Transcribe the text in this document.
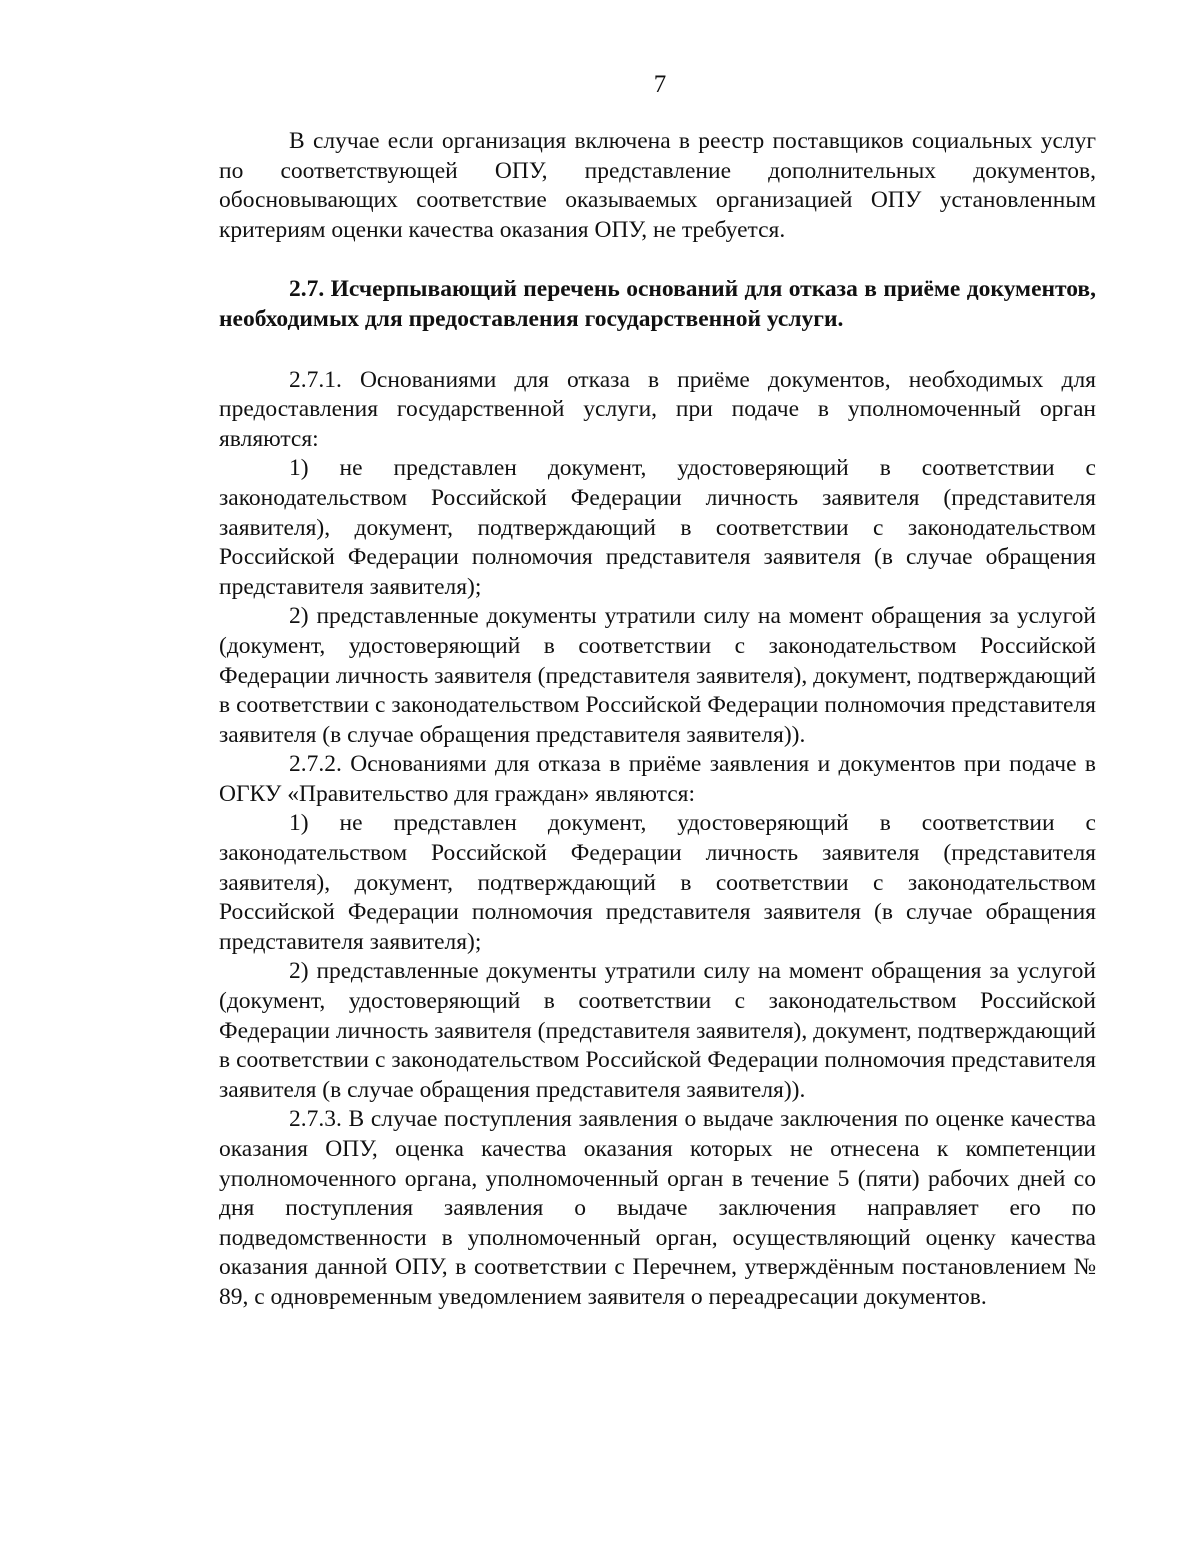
7

В случае если организация включена в реестр поставщиков социальных услуг по соответствующей ОПУ, представление дополнительных документов, обосновывающих соответствие оказываемых организацией ОПУ установленным критериям оценки качества оказания ОПУ, не требуется.

2.7. Исчерпывающий перечень оснований для отказа в приёме документов, необходимых для предоставления государственной услуги.

2.7.1. Основаниями для отказа в приёме документов, необходимых для предоставления государственной услуги, при подаче в уполномоченный орган являются:

1) не представлен документ, удостоверяющий в соответствии с законодательством Российской Федерации личность заявителя (представителя заявителя), документ, подтверждающий в соответствии с законодательством Российской Федерации полномочия представителя заявителя (в случае обращения представителя заявителя);

2) представленные документы утратили силу на момент обращения за услугой (документ, удостоверяющий в соответствии с законодательством Российской Федерации личность заявителя (представителя заявителя), документ, подтверждающий в соответствии с законодательством Российской Федерации полномочия представителя заявителя (в случае обращения представителя заявителя)).

2.7.2. Основаниями для отказа в приёме заявления и документов при подаче в ОГКУ «Правительство для граждан» являются:

1) не представлен документ, удостоверяющий в соответствии с законодательством Российской Федерации личность заявителя (представителя заявителя), документ, подтверждающий в соответствии с законодательством Российской Федерации полномочия представителя заявителя (в случае обращения представителя заявителя);

2) представленные документы утратили силу на момент обращения за услугой (документ, удостоверяющий в соответствии с законодательством Российской Федерации личность заявителя (представителя заявителя), документ, подтверждающий в соответствии с законодательством Российской Федерации полномочия представителя заявителя (в случае обращения представителя заявителя)).

2.7.3. В случае поступления заявления о выдаче заключения по оценке качества оказания ОПУ, оценка качества оказания которых не отнесена к компетенции уполномоченного органа, уполномоченный орган в течение 5 (пяти) рабочих дней со дня поступления заявления о выдаче заключения направляет его по подведомственности в уполномоченный орган, осуществляющий оценку качества оказания данной ОПУ, в соответствии с Перечнем, утверждённым постановлением № 89, с одновременным уведомлением заявителя о переадресации документов.
